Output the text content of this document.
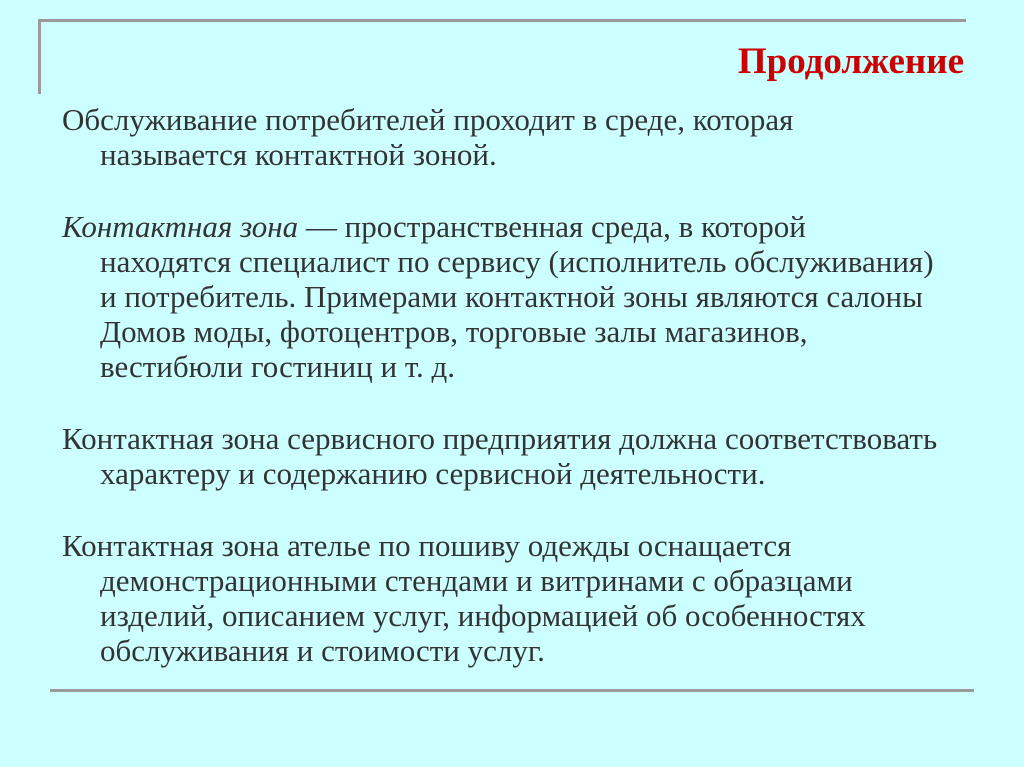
Продолжение

Обслуживание потребителей проходит в среде, которая называется контактной зоной.

Контактная зона — пространственная среда, в которой находятся специалист по сервису (исполнитель обслуживания) и потребитель. Примерами контактной зоны являются салоны Домов моды, фотоцентров, торговые залы магазинов, вестибюли гостиниц и т. д.

Контактная зона сервисного предприятия должна соответствовать характеру и содержанию сервисной деятельности.

Контактная зона ателье по пошиву одежды оснащается демонстрационными стендами и витринами с образцами изделий, описанием услуг, информацией об особенностях обслуживания и стоимости услуг.
